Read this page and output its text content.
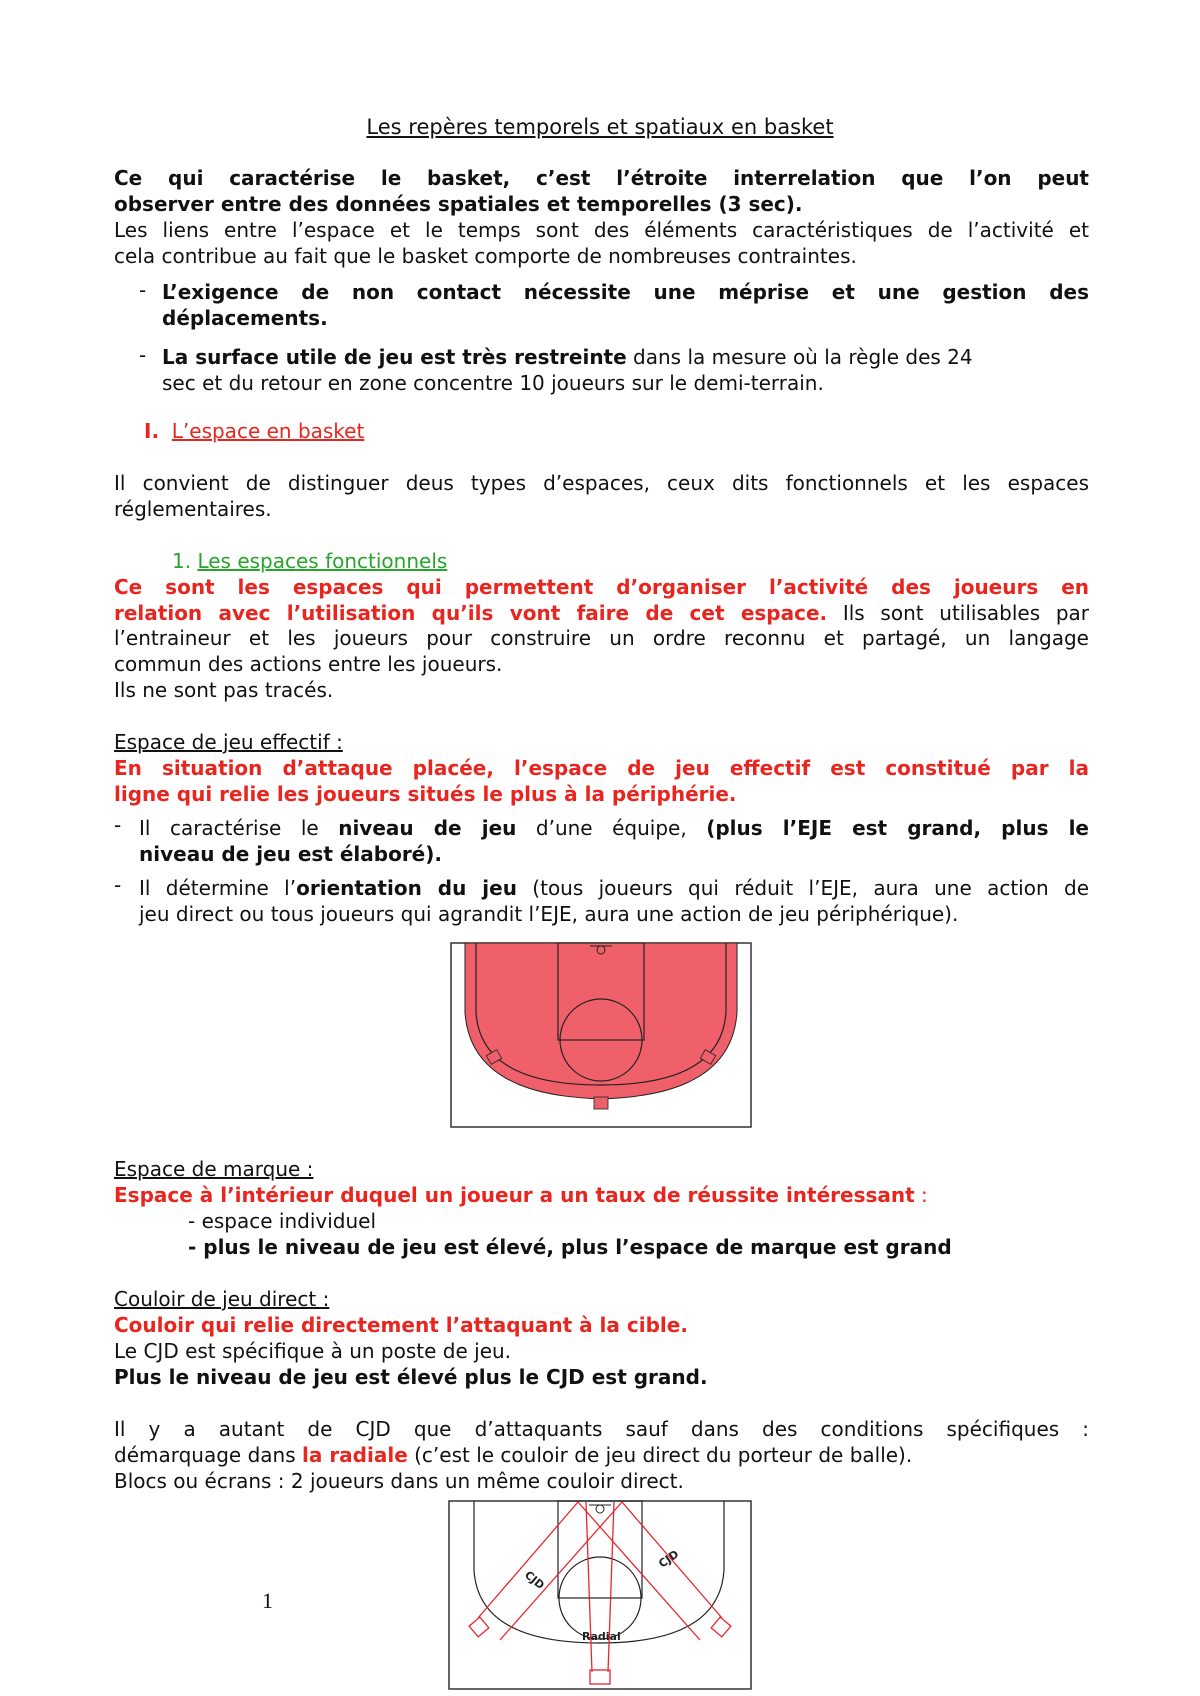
Les repères temporels et spatiaux en basket
Ce qui caractérise le basket, c’est l’étroite interrelation que l’on peut
observer entre des données spatiales et temporelles (3 sec).
Les liens entre l’espace et le temps sont des éléments caractéristiques de l’activité et
cela contribue au fait que le basket comporte de nombreuses contraintes.
- L’exigence de non contact nécessite une méprise et une gestion des
déplacements.
- La surface utile de jeu est très restreinte dans la mesure où la règle des 24
sec et du retour en zone concentre 10 joueurs sur le demi-terrain.
I. L’espace en basket
Il convient de distinguer deus types d’espaces, ceux dits fonctionnels et les espaces
réglementaires.
1. Les espaces fonctionnels
Ce sont les espaces qui permettent d’organiser l’activité des joueurs en
relation avec l’utilisation qu’ils vont faire de cet espace. Ils sont utilisables par
l’entraineur et les joueurs pour construire un ordre reconnu et partagé, un langage
commun des actions entre les joueurs.
Ils ne sont pas tracés.
Espace de jeu effectif :
En situation d’attaque placée, l’espace de jeu effectif est constitué par la
ligne qui relie les joueurs situés le plus à la périphérie.
- Il caractérise le niveau de jeu d’une équipe, (plus l’EJE est grand, plus le
niveau de jeu est élaboré).
- Il détermine l’orientation du jeu (tous joueurs qui réduit l’EJE, aura une action de
jeu direct ou tous joueurs qui agrandit l’EJE, aura une action de jeu périphérique).
Espace de marque :
Espace à l’intérieur duquel un joueur a un taux de réussite intéressant :
- espace individuel
- plus le niveau de jeu est élevé, plus l’espace de marque est grand
Couloir de jeu direct :
Couloir qui relie directement l’attaquant à la cible.
Le CJD est spécifique à un poste de jeu.
Plus le niveau de jeu est élevé plus le CJD est grand.
Il y a autant de CJD que d’attaquants sauf dans des conditions spécifiques :
démarquage dans la radiale (c’est le couloir de jeu direct du porteur de balle).
Blocs ou écrans : 2 joueurs dans un même couloir direct.
CJD
CJD
Radial
1
